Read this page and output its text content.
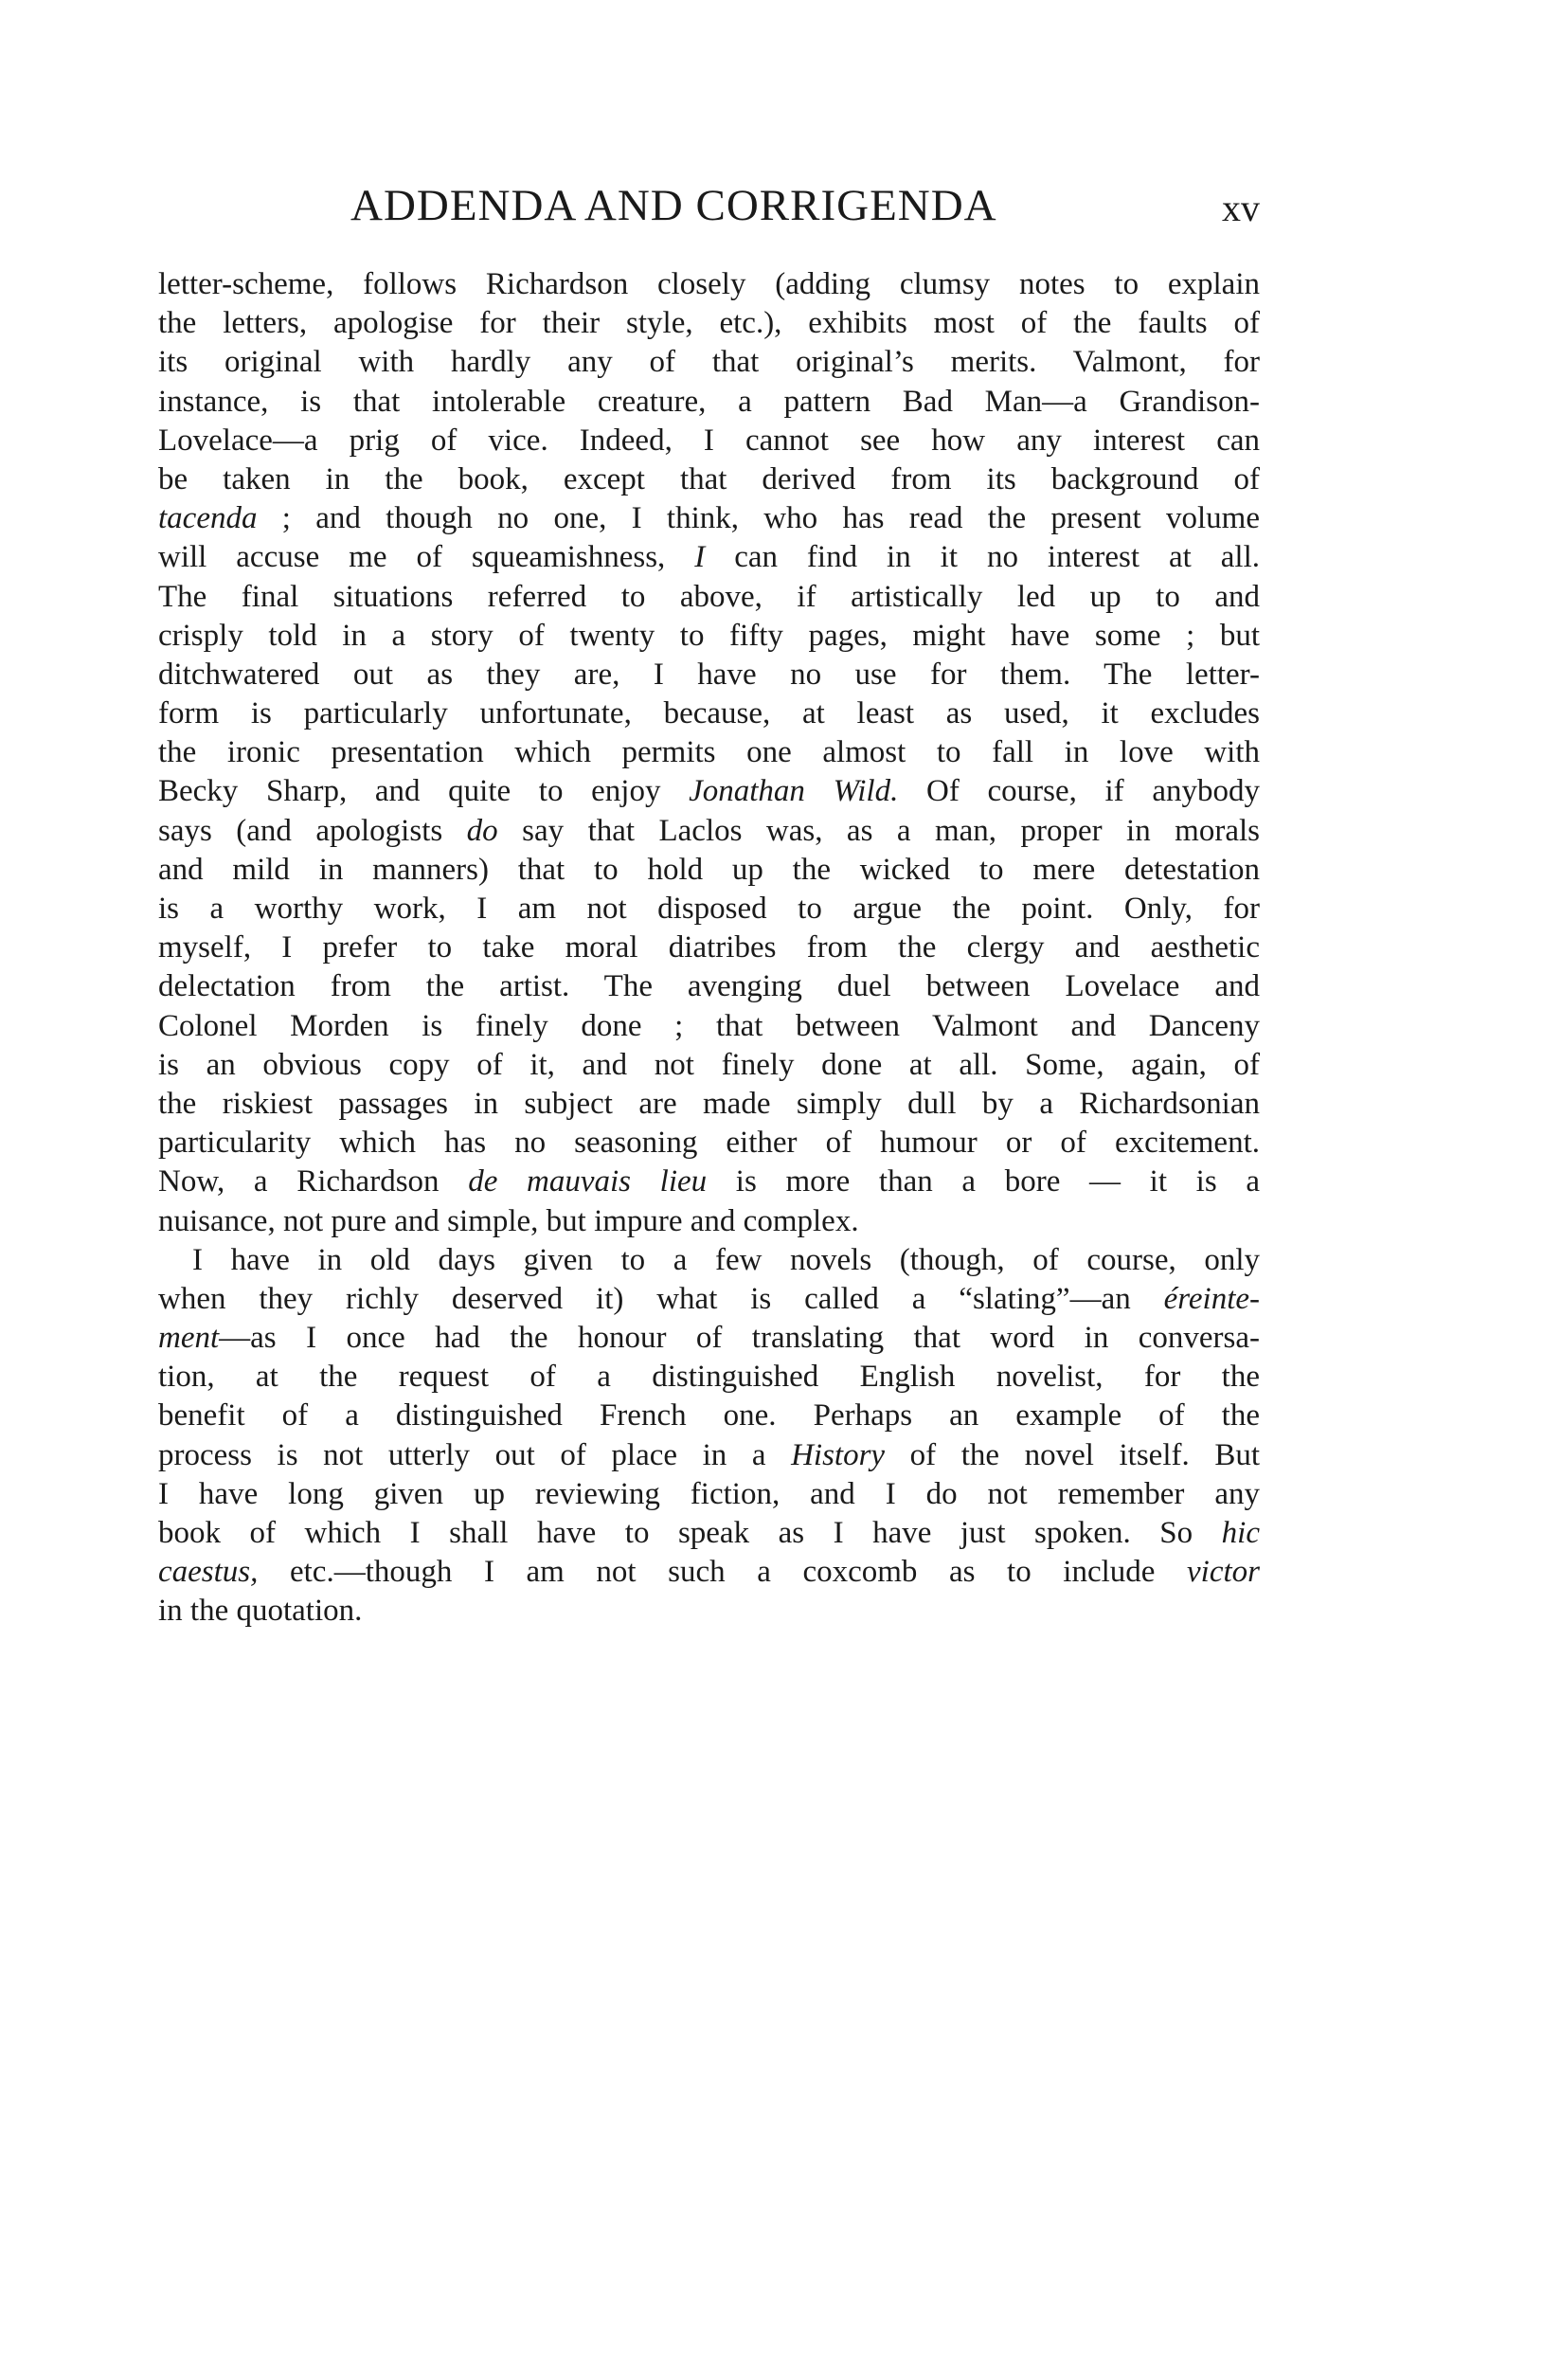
ADDENDA AND CORRIGENDA	xv
letter-scheme, follows Richardson closely (adding clumsy notes to explain
the letters, apologise for their style, etc.), exhibits most of the faults of
its original with hardly any of that original’s merits. Valmont, for
instance, is that intolerable creature, a pattern Bad Man—a Grandison-
Lovelace—a prig of vice. Indeed, I cannot see how any interest can
be taken in the book, except that derived from its background of
tacenda ; and though no one, I think, who has read the present volume
will accuse me of squeamishness, I can find in it no interest at all.
The final situations referred to above, if artistically led up to and
crisply told in a story of twenty to fifty pages, might have some ; but
ditchwatered out as they are, I have no use for them. The letter-
form is particularly unfortunate, because, at least as used, it excludes
the ironic presentation which permits one almost to fall in love with
Becky Sharp, and quite to enjoy Jonathan Wild. Of course, if anybody
says (and apologists do say that Laclos was, as a man, proper in morals
and mild in manners) that to hold up the wicked to mere detestation
is a worthy work, I am not disposed to argue the point. Only, for
myself, I prefer to take moral diatribes from the clergy and aesthetic
delectation from the artist. The avenging duel between Lovelace and
Colonel Morden is finely done ; that between Valmont and Danceny
is an obvious copy of it, and not finely done at all. Some, again, of
the riskiest passages in subject are made simply dull by a Richardsonian
particularity which has no seasoning either of humour or of excitement.
Now, a Richardson de mauvais lieu is more than a bore — it is a
nuisance, not pure and simple, but impure and complex.
I have in old days given to a few novels (though, of course, only
when they richly deserved it) what is called a “slating”—an éreinte-
ment—as I once had the honour of translating that word in conversa-
tion, at the request of a distinguished English novelist, for the
benefit of a distinguished French one. Perhaps an example of the
process is not utterly out of place in a History of the novel itself. But
I have long given up reviewing fiction, and I do not remember any
book of which I shall have to speak as I have just spoken. So hic
caestus, etc.—though I am not such a coxcomb as to include victor
in the quotation.
